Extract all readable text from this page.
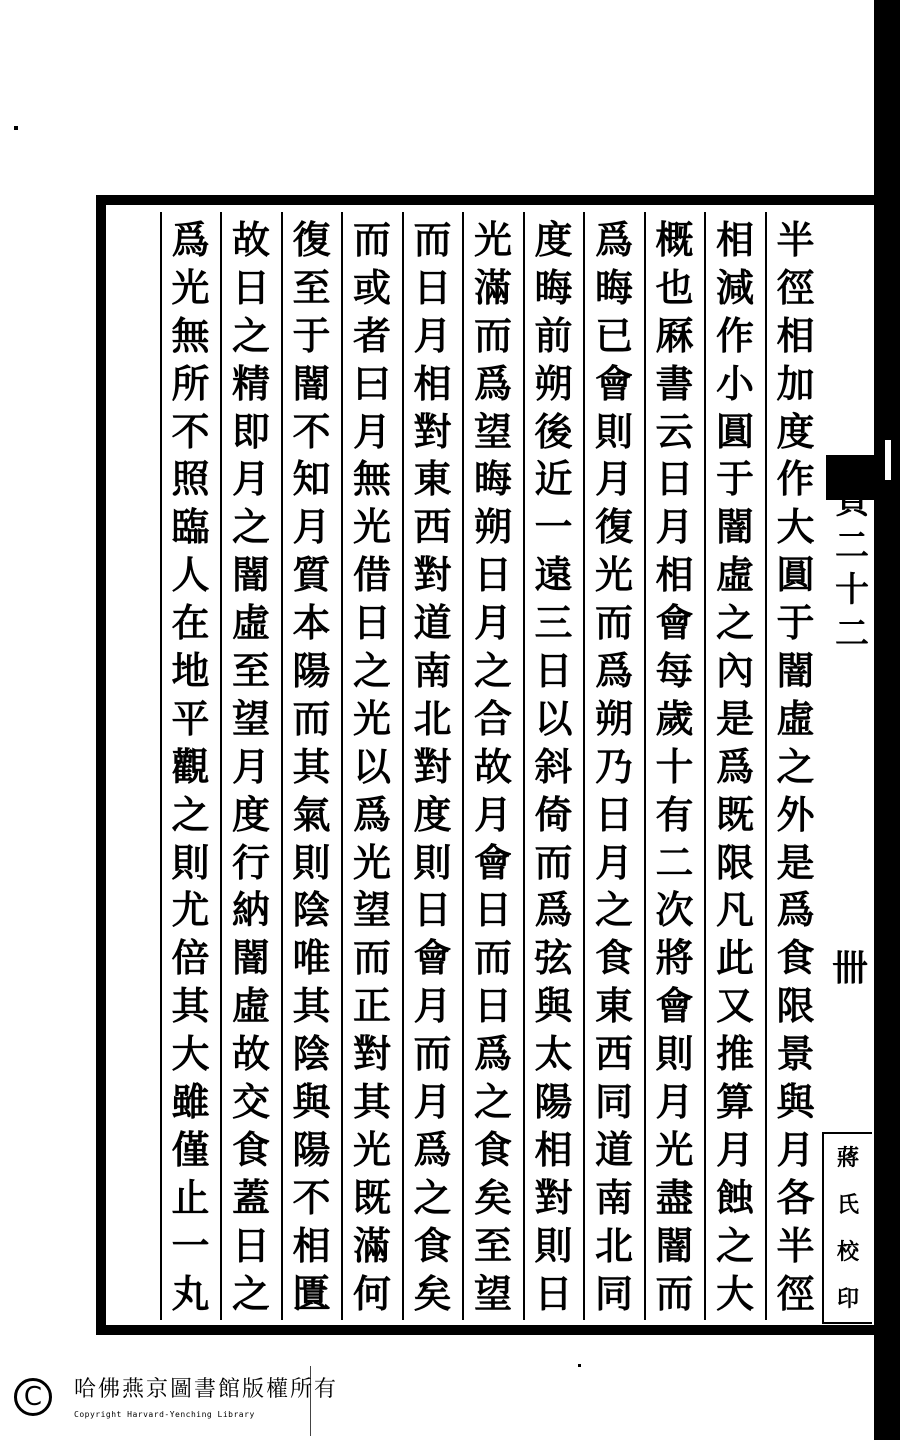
頁
二
十
二
卌
蔣
氏
校
印
C	哈佛燕京圖書館版權所有
Copyright Harvard-Yenching Library
半
徑
相
加
度
作
大
圓
于
闇
虛
之
外
是
爲
食
限
景
與
月
各
半
徑
相
減
作
小
圓
于
闇
虛
之
內
是
爲
既
限
凡
此
又
推
算
月
蝕
之
大
概
也
厤
書
云
日
月
相
會
每
歲
十
有
二
次
將
會
則
月
光
盡
闇
而
爲
晦
已
會
則
月
復
光
而
爲
朔
乃
日
月
之
食
東
西
同
道
南
北
同
度
晦
前
朔
後
近
一
遠
三
日
以
斜
倚
而
爲
弦
與
太
陽
相
對
則
日
光
滿
而
爲
望
晦
朔
日
月
之
合
故
月
會
日
而
日
爲
之
食
矣
至
望
而
日
月
相
對
東
西
對
道
南
北
對
度
則
日
會
月
而
月
爲
之
食
矣
而
或
者
曰
月
無
光
借
日
之
光
以
爲
光
望
而
正
對
其
光
既
滿
何
復
至
于
闇
不
知
月
質
本
陽
而
其
氣
則
陰
唯
其
陰
與
陽
不
相
匱
故
日
之
精
即
月
之
闇
虛
至
望
月
度
行
納
闇
虛
故
交
食
蓋
日
之
爲
光
無
所
不
照
臨
人
在
地
平
觀
之
則
尤
倍
其
大
雖
僅
止
一
丸
